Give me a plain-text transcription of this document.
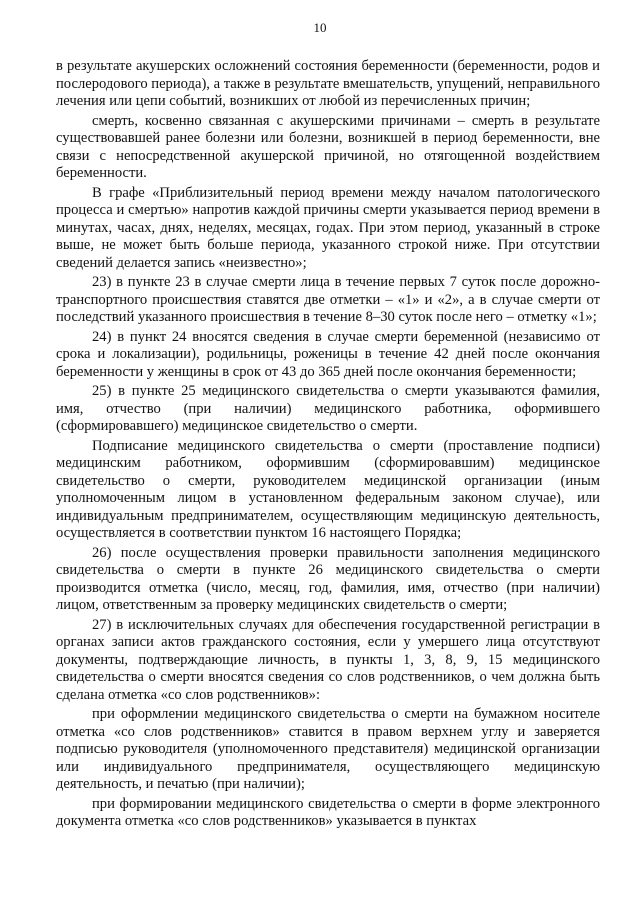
10

в результате акушерских осложнений состояния беременности (беременности, родов и послеродового периода), а также в результате вмешательств, упущений, неправильного лечения или цепи событий, возникших от любой из перечисленных причин;

смерть, косвенно связанная с акушерскими причинами – смерть в результате существовавшей ранее болезни или болезни, возникшей в период беременности, вне связи с непосредственной акушерской причиной, но отягощенной воздействием беременности.

В графе «Приблизительный период времени между началом патологического процесса и смертью» напротив каждой причины смерти указывается период времени в минутах, часах, днях, неделях, месяцах, годах. При этом период, указанный в строке выше, не может быть больше периода, указанного строкой ниже. При отсутствии сведений делается запись «неизвестно»;

23) в пункте 23 в случае смерти лица в течение первых 7 суток после дорожно-транспортного происшествия ставятся две отметки – «1» и «2», а в случае смерти от последствий указанного происшествия в течение 8–30 суток после него – отметку «1»;

24) в пункт 24 вносятся сведения в случае смерти беременной (независимо от срока и локализации), родильницы, роженицы в течение 42 дней после окончания беременности у женщины в срок от 43 до 365 дней после окончания беременности;

25) в пункте 25 медицинского свидетельства о смерти указываются фамилия, имя, отчество (при наличии) медицинского работника, оформившего (сформировавшего) медицинское свидетельство о смерти.

Подписание медицинского свидетельства о смерти (проставление подписи) медицинским работником, оформившим (сформировавшим) медицинское свидетельство о смерти, руководителем медицинской организации (иным уполномоченным лицом в установленном федеральным законом случае), или индивидуальным предпринимателем, осуществляющим медицинскую деятельность, осуществляется в соответствии пунктом 16 настоящего Порядка;

26) после осуществления проверки правильности заполнения медицинского свидетельства о смерти в пункте 26 медицинского свидетельства о смерти производится отметка (число, месяц, год, фамилия, имя, отчество (при наличии) лицом, ответственным за проверку медицинских свидетельств о смерти;

27) в исключительных случаях для обеспечения государственной регистрации в органах записи актов гражданского состояния, если у умершего лица отсутствуют документы, подтверждающие личность, в пункты 1, 3, 8, 9, 15 медицинского свидетельства о смерти вносятся сведения со слов родственников, о чем должна быть сделана отметка «со слов родственников»:

при оформлении медицинского свидетельства о смерти на бумажном носителе отметка «со слов родственников» ставится в правом верхнем углу и заверяется подписью руководителя (уполномоченного представителя) медицинской организации или индивидуального предпринимателя, осуществляющего медицинскую деятельность, и печатью (при наличии);

при формировании медицинского свидетельства о смерти в форме электронного документа отметка «со слов родственников» указывается в пунктах
